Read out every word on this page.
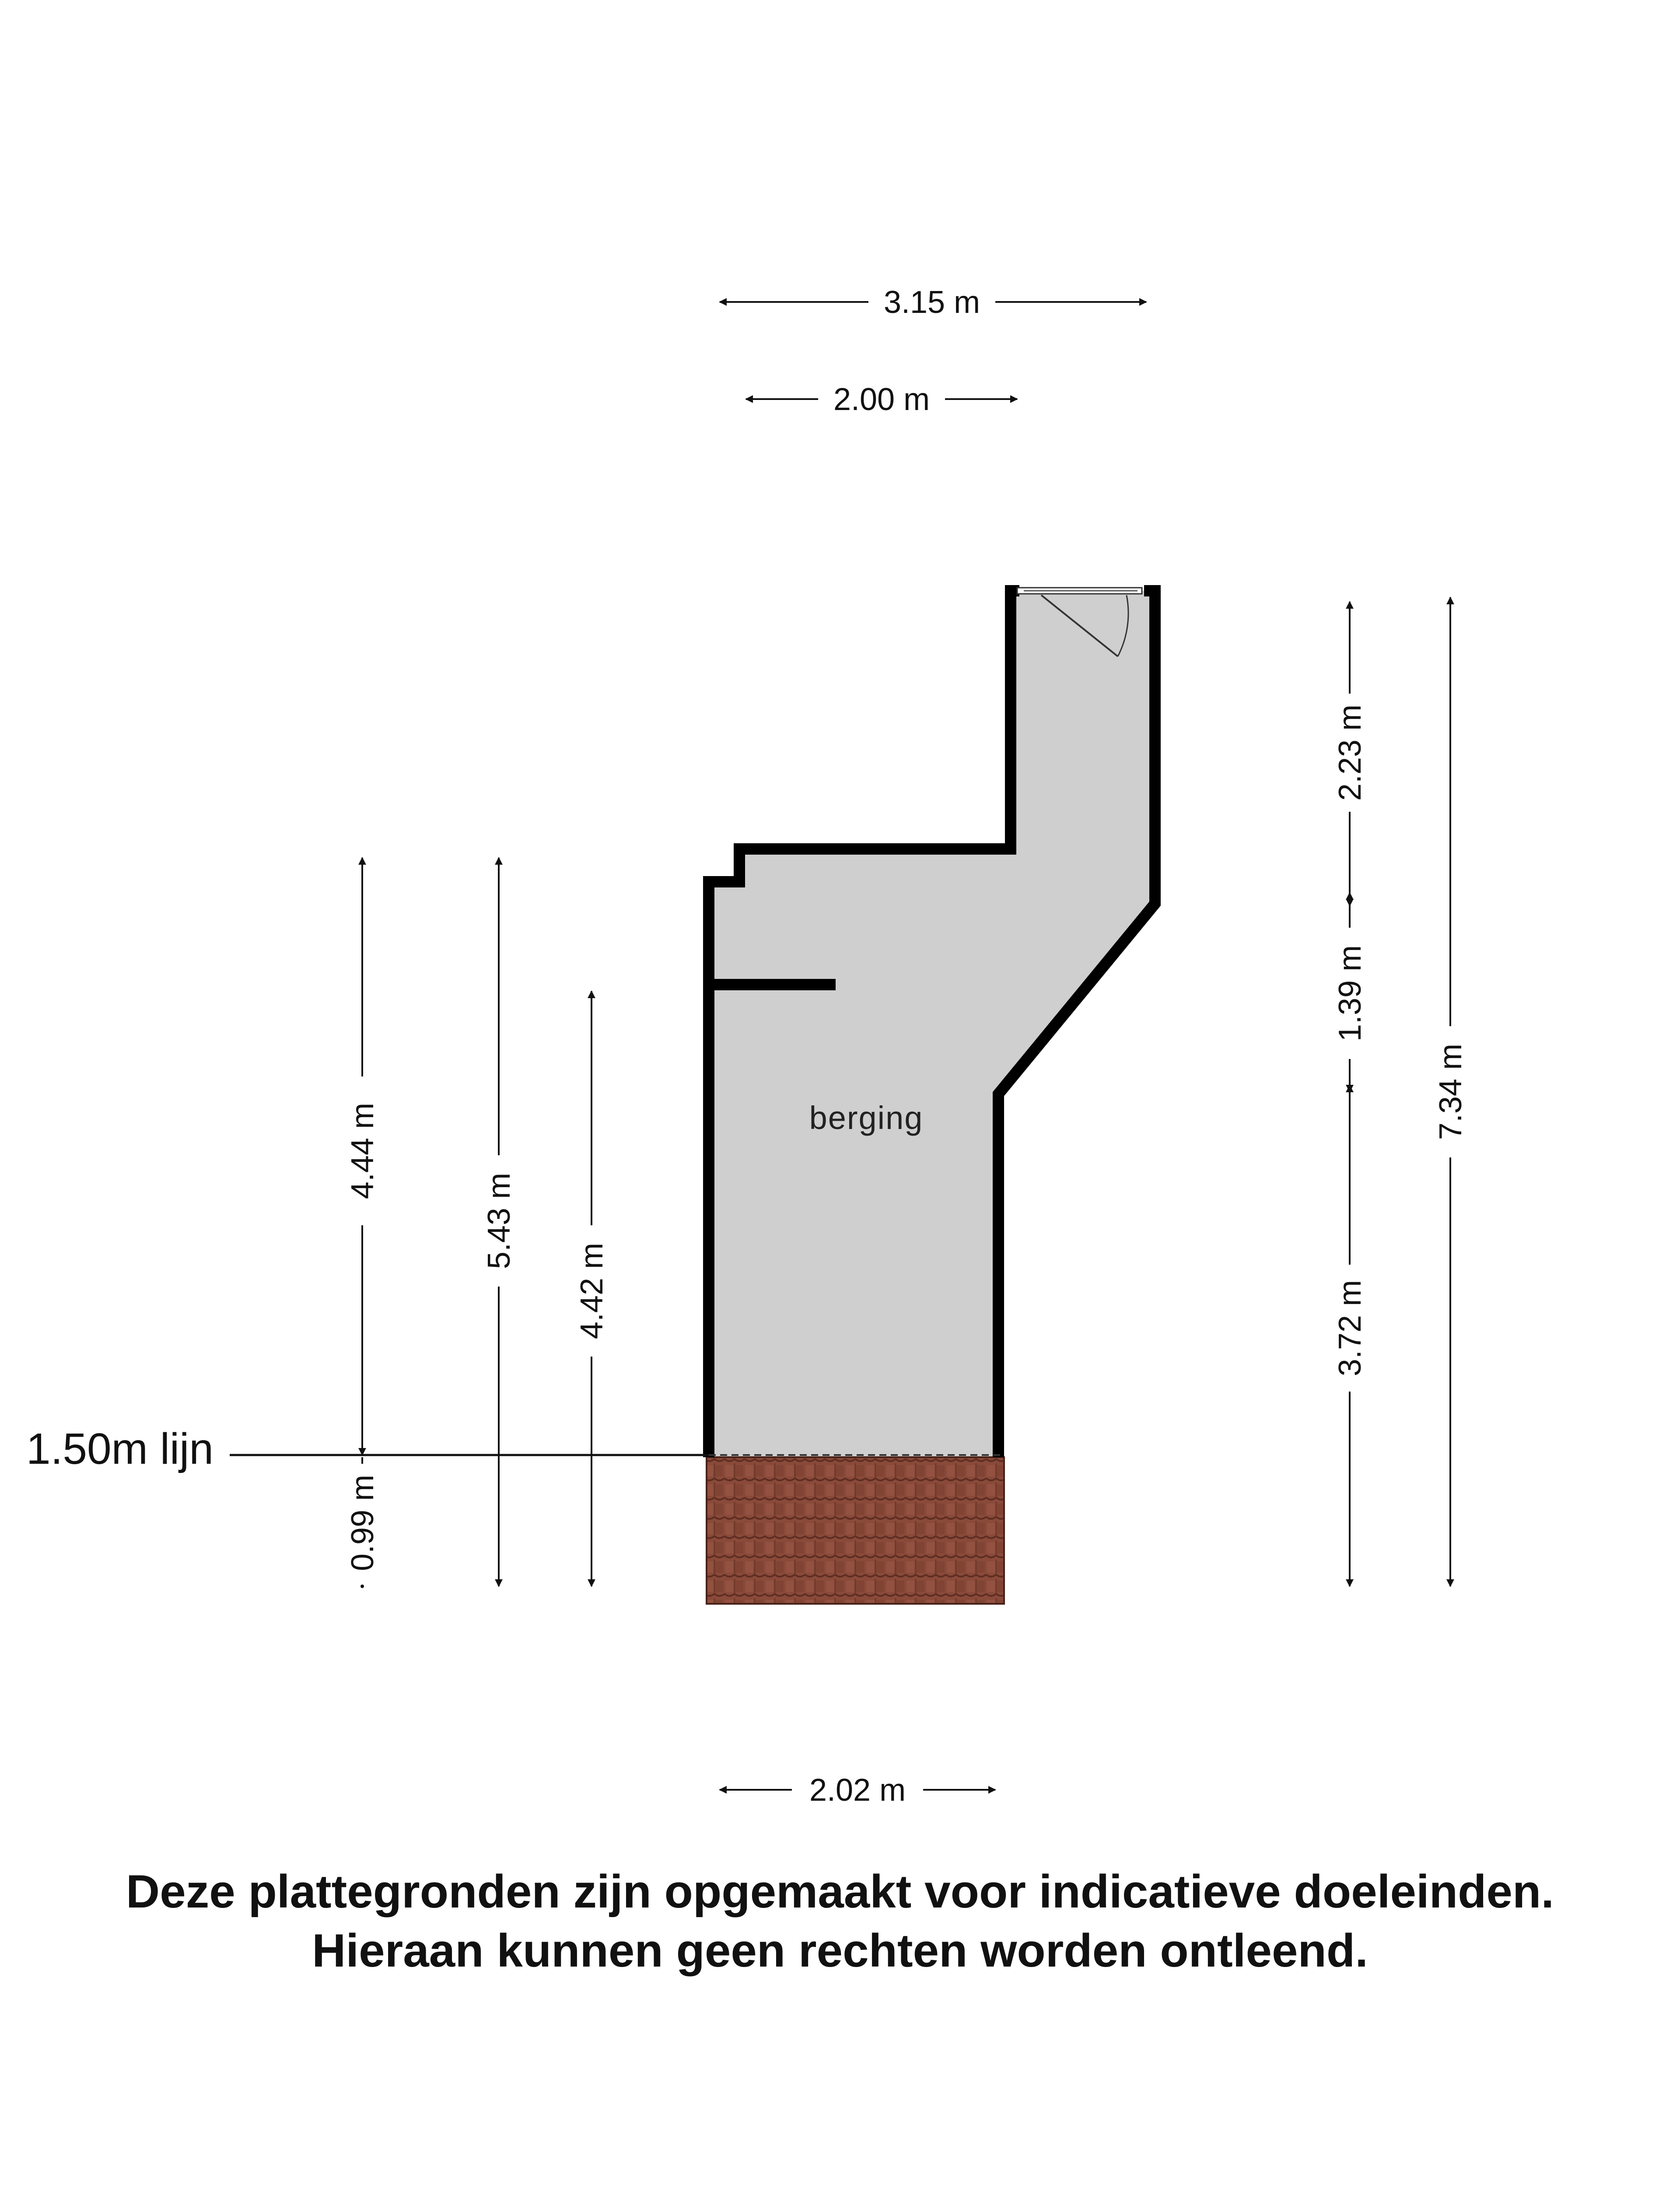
1.50m lijn
3.15 m
2.00 m
2.02 m
4.44 m
0.99 m
5.43 m
4.42 m
2.23 m
1.39 m
3.72 m
7.34 m
berging
Deze plattegronden zijn opgemaakt voor indicatieve doeleinden.
Hieraan kunnen geen rechten worden ontleend.
